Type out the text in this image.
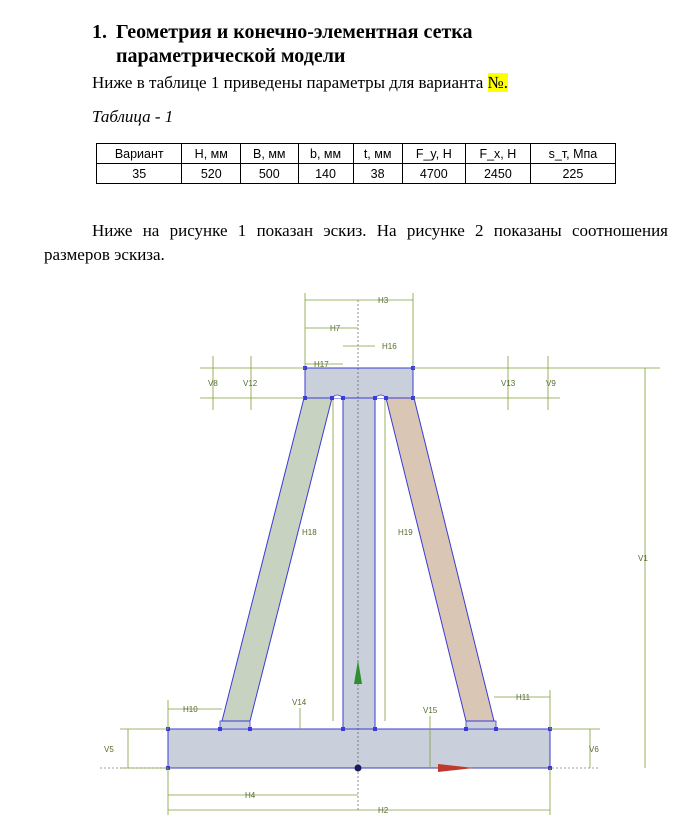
1. Геометрия и конечно-элементная сетка параметрической модели
Ниже в таблице 1 приведены параметры для варианта №.
Таблица - 1
Вариант	H, мм	B, мм	b, мм	t, мм	F_y, H	F_x, H	s_т, Мпа
35	520	500	140	38	4700	2450	225
Ниже на рисунке 1 показан эскиз. На рисунке 2 показаны соотношения размеров эскиза.
H3
H7
H16
H17
V8	V12	V13	V9
H18	H19
V1
H10
H11
V14
V15
V5	V6
H4
H2
